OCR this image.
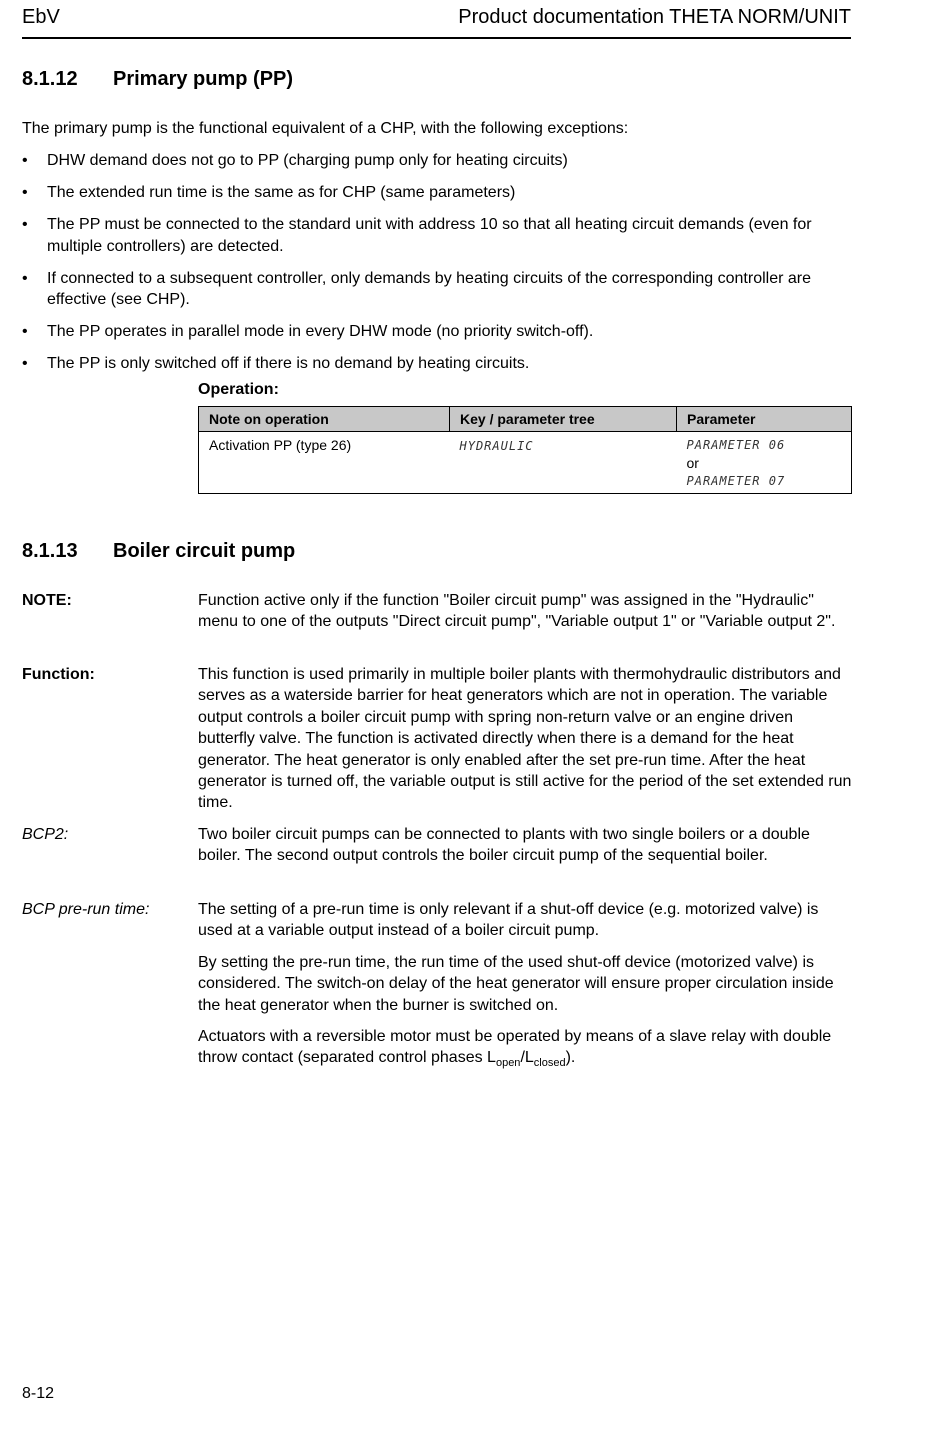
EbV	Product documentation THETA NORM/UNIT
8.1.12 Primary pump (PP)
The primary pump is the functional equivalent of a CHP, with the following exceptions:
• DHW demand does not go to PP (charging pump only for heating circuits)
• The extended run time is the same as for CHP (same parameters)
• The PP must be connected to the standard unit with address 10 so that all heating circuit demands (even for multiple controllers) are detected.
• If connected to a subsequent controller, only demands by heating circuits of the corresponding controller are effective (see CHP).
• The PP operates in parallel mode in every DHW mode (no priority switch-off).
• The PP is only switched off if there is no demand by heating circuits.
Operation:
Note on operation	Key / parameter tree	Parameter
Activation PP (type 26)	HYDRAULIC	PARAMETER 06
or
PARAMETER 07
8.1.13 Boiler circuit pump
NOTE:	Function active only if the function "Boiler circuit pump" was assigned in the "Hydraulic" menu to one of the outputs "Direct circuit pump", "Variable output 1" or "Variable output 2".
Function:	This function is used primarily in multiple boiler plants with thermohydraulic distributors and serves as a waterside barrier for heat generators which are not in operation. The variable output controls a boiler circuit pump with spring non-return valve or an engine driven butterfly valve. The function is activated directly when there is a demand for the heat generator. The heat generator is only enabled after the set pre-run time. After the heat generator is turned off, the variable output is still active for the period of the set extended run time.
BCP2:	Two boiler circuit pumps can be connected to plants with two single boilers or a double boiler. The second output controls the boiler circuit pump of the sequential boiler.
BCP pre-run time:	The setting of a pre-run time is only relevant if a shut-off device (e.g. motorized valve) is used at a variable output instead of a boiler circuit pump.
By setting the pre-run time, the run time of the used shut-off device (motorized valve) is considered. The switch-on delay of the heat generator will ensure proper circulation inside the heat generator when the burner is switched on.
Actuators with a reversible motor must be operated by means of a slave relay with double throw contact (separated control phases $L_{open}/L_{closed}$).
8-12
